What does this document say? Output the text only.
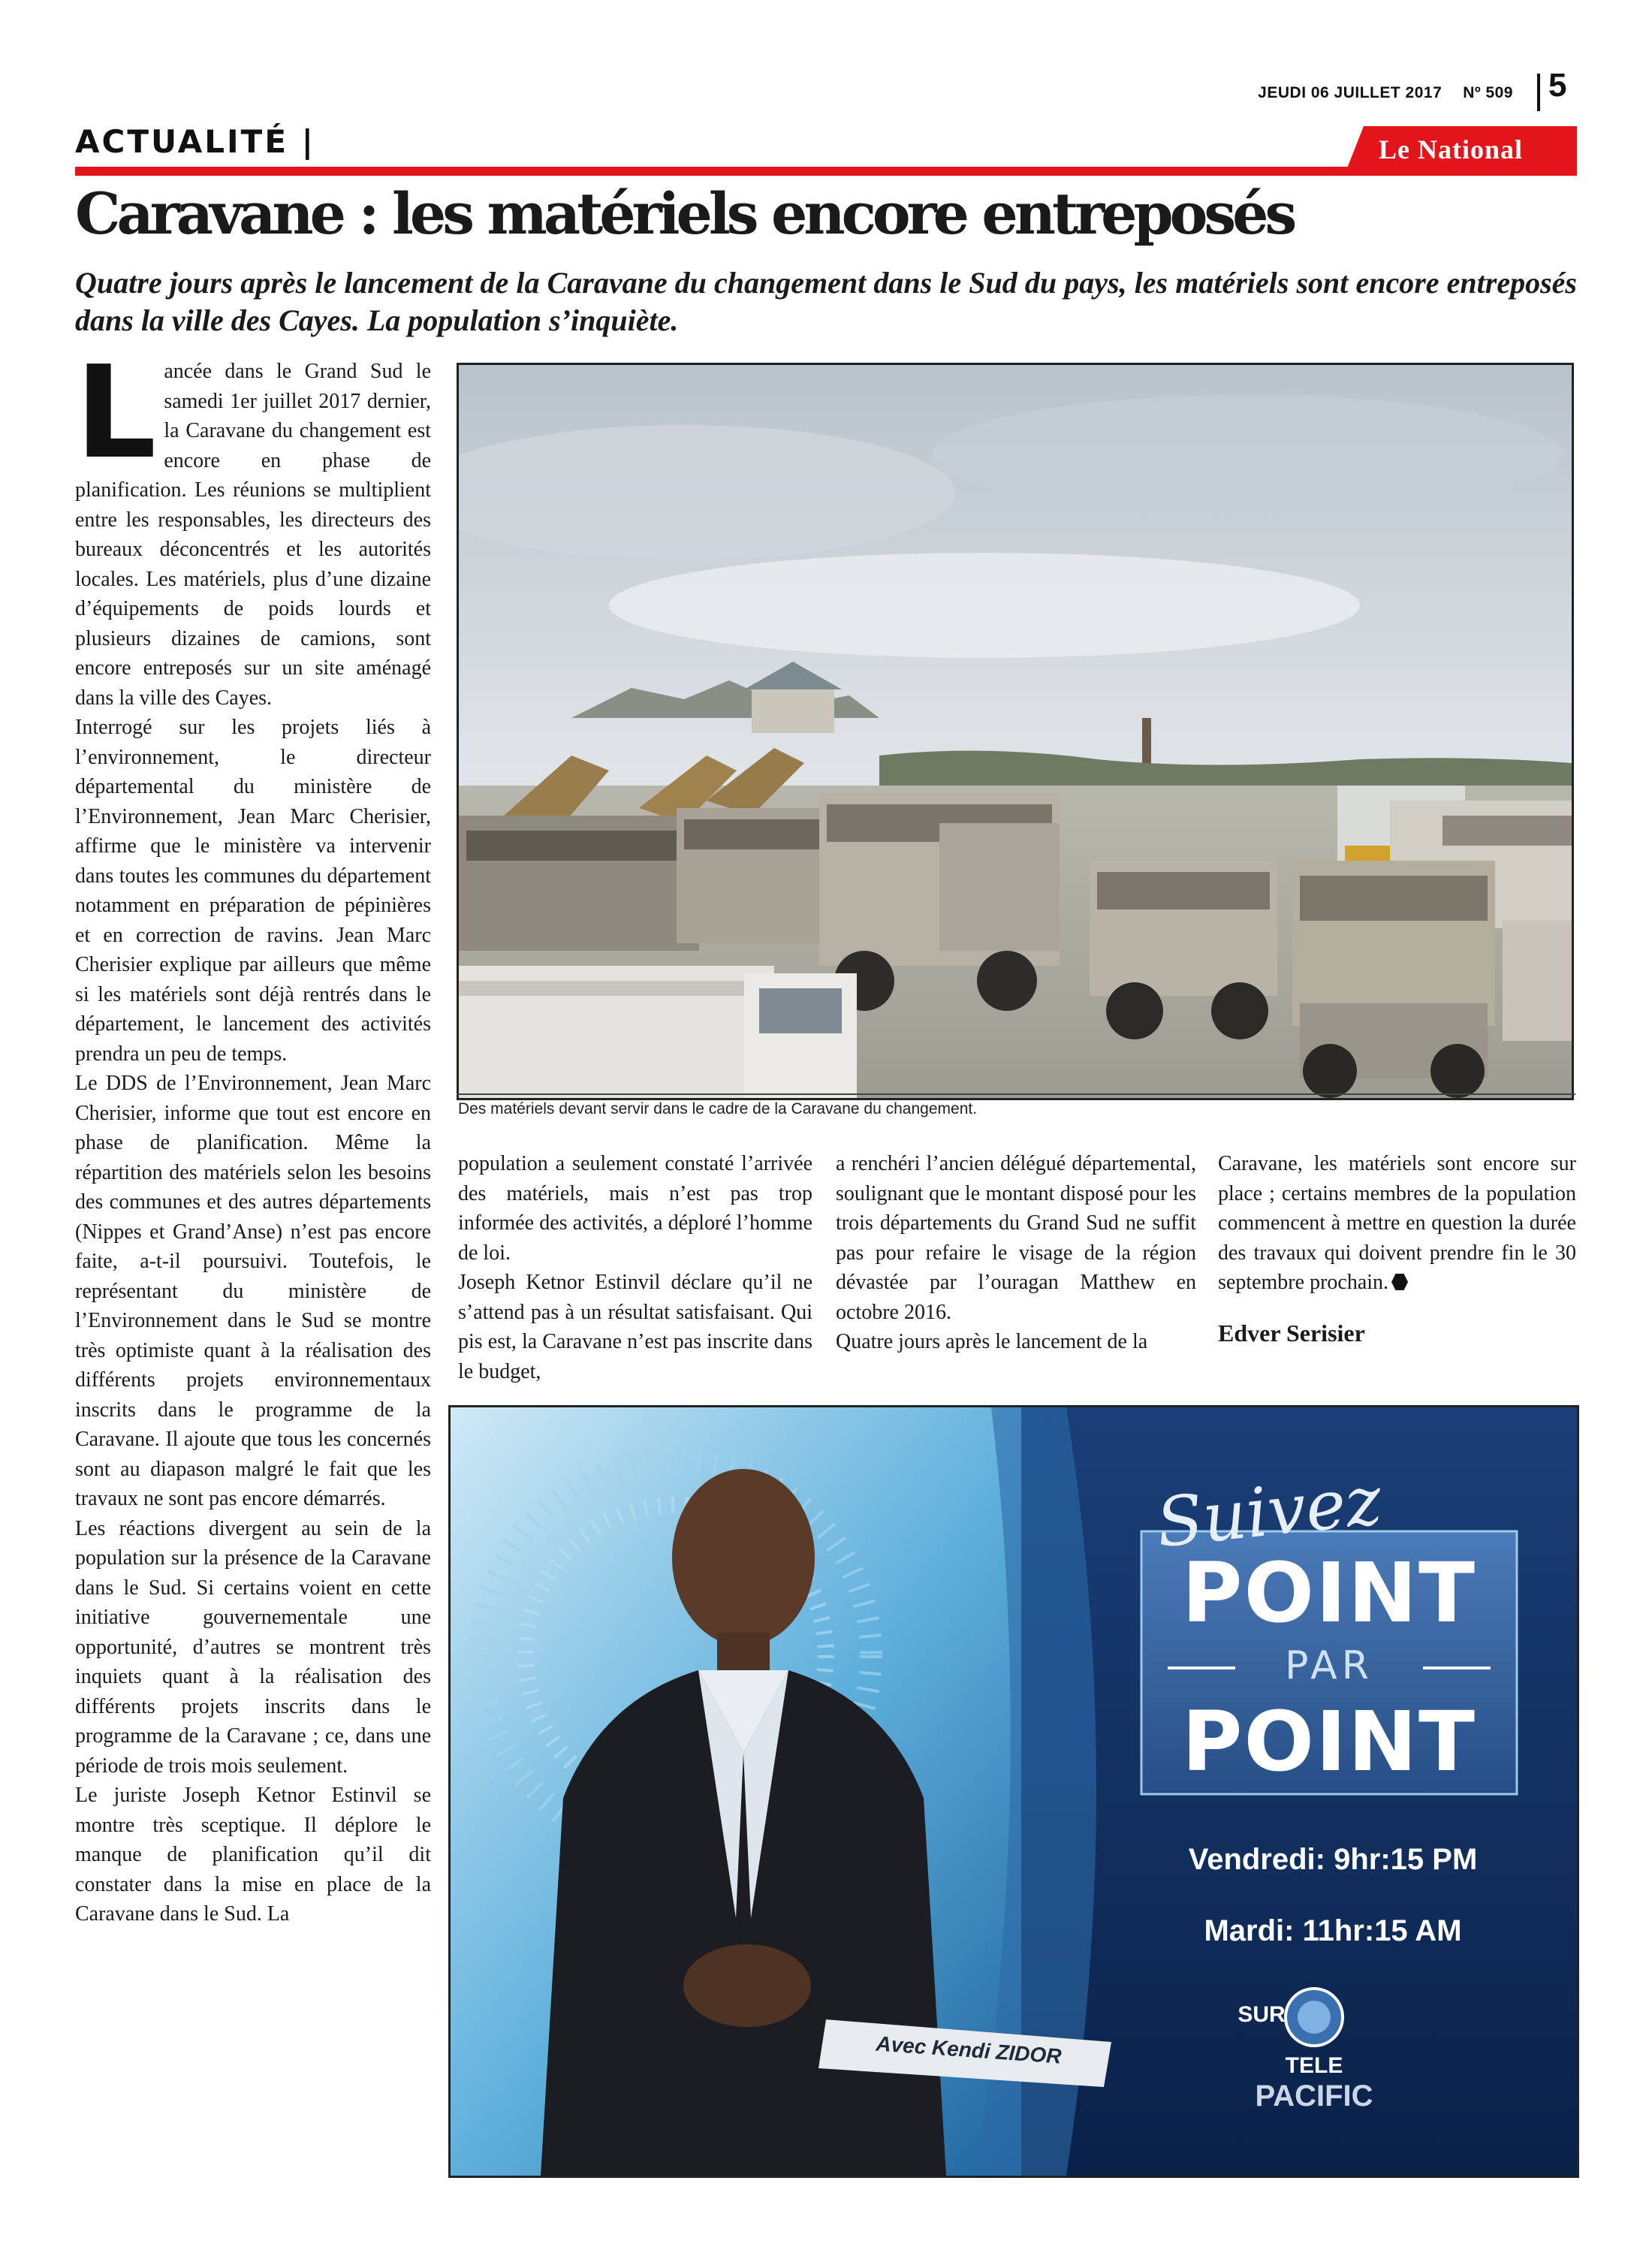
JEUDI 06 JUILLET 2017 Nº 509 5
ACTUALITÉ |	Le National
Caravane : les matériels encore entreposés

Quatre jours après le lancement de la Caravane du changement dans le Sud du pays, les matériels sont encore entreposés dans la ville des Cayes. La population s’inquiète.

L ancée dans le Grand Sud le samedi 1er juillet 2017 dernier, la Caravane du changement est encore en phase de planification. Les réunions se multiplient entre les responsables, les directeurs des bureaux déconcentrés et les autorités locales. Les matériels, plus d’une dizaine d’équipements de poids lourds et plusieurs dizaines de camions, sont encore entreposés sur un site aménagé dans la ville des Cayes.

Interrogé sur les projets liés à l’environnement, le directeur départemental du ministère de l’Environnement, Jean Marc Cherisier, affirme que le ministère va intervenir dans toutes les communes du département notamment en préparation de pépinières et en correction de ravins. Jean Marc Cherisier explique par ailleurs que même si les matériels sont déjà rentrés dans le département, le lancement des activités prendra un peu de temps.

Le DDS de l’Environnement, Jean Marc Cherisier, informe que tout est encore en phase de planification. Même la répartition des matériels selon les besoins des communes et des autres départements (Nippes et Grand’Anse) n’est pas encore faite, a-t-il poursuivi. Toutefois, le représentant du ministère de l’Environnement dans le Sud se montre très optimiste quant à la réalisation des différents projets environnementaux inscrits dans le programme de la Caravane. Il ajoute que tous les concernés sont au diapason malgré le fait que les travaux ne sont pas encore démarrés.

Les réactions divergent au sein de la population sur la présence de la Caravane dans le Sud. Si certains voient en cette initiative gouvernementale une opportunité, d’autres se montrent très inquiets quant à la réalisation des différents projets inscrits dans le programme de la Caravane ; ce, dans une période de trois mois seulement.

Le juriste Joseph Ketnor Estinvil se montre très sceptique. Il déplore le manque de planification qu’il dit constater dans la mise en place de la Caravane dans le Sud. La

Des matériels devant servir dans le cadre de la Caravane du changement.

population a seulement constaté l’arrivée des matériels, mais n’est pas trop informée des activités, a déploré l’homme de loi.

Joseph Ketnor Estinvil déclare qu’il ne s’attend pas à un résultat satisfaisant. Qui pis est, la Caravane n’est pas inscrite dans le budget,

a renchéri l’ancien délégué départemental, soulignant que le montant disposé pour les trois départements du Grand Sud ne suffit pas pour refaire le visage de la région dévastée par l’ouragan Matthew en octobre 2016.

Quatre jours après le lancement de la

Caravane, les matériels sont encore sur place ; certains membres de la population commencent à mettre en question la durée des travaux qui doivent prendre fin le 30 septembre prochain.

Edver Serisier

Suivez
POINT
PAR
POINT
Vendredi: 9hr:15 PM
Mardi: 11hr:15 AM
Avec Kendi ZIDOR
SUR
TELE
PACIFIC
